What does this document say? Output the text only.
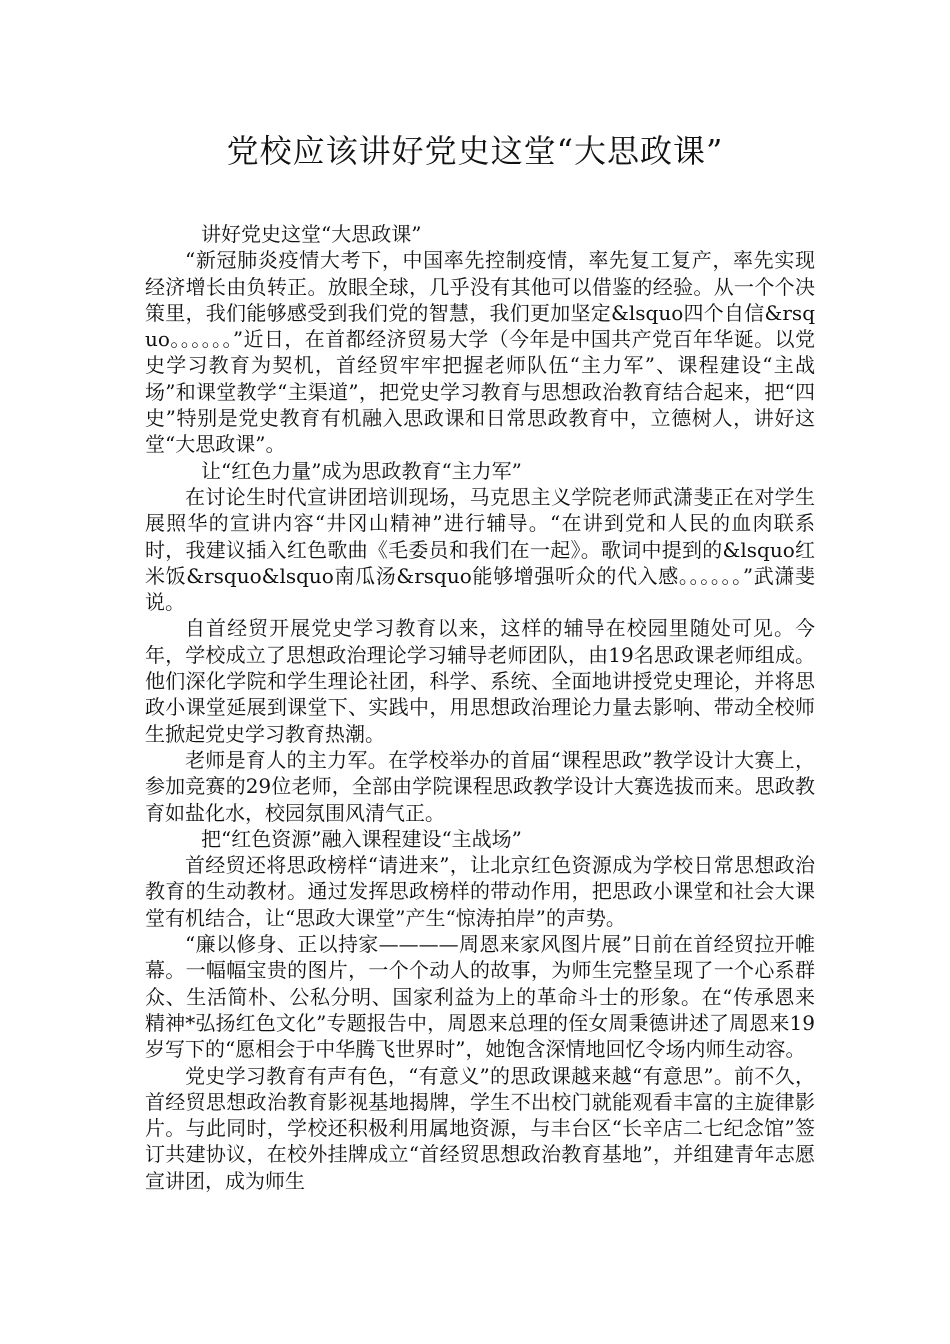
党校应该讲好党史这堂“大思政课”

讲好党史这堂“大思政课”

“新冠肺炎疫情大考下，中国率先控制疫情，率先复工复产，率先实现经济增长由负转正。放眼全球，几乎没有其他可以借鉴的经验。从一个个决策里，我们能够感受到我们党的智慧，我们更加坚定&lsquo四个自信&rsquo。。。。。。”近日，在首都经济贸易大学（今年是中国共产党百年华诞。以党史学习教育为契机，首经贸牢牢把握老师队伍“主力军”、课程建设“主战场”和课堂教学“主渠道”，把党史学习教育与思想政治教育结合起来，把“四史”特别是党史教育有机融入思政课和日常思政教育中，立德树人，讲好这堂“大思政课”。

让“红色力量”成为思政教育“主力军”

在讨论生时代宣讲团培训现场，马克思主义学院老师武潇斐正在对学生展照华的宣讲内容“井冈山精神”进行辅导。“在讲到党和人民的血肉联系时，我建议插入红色歌曲《毛委员和我们在一起》。歌词中提到的&lsquo红米饭&rsquo&lsquo南瓜汤&rsquo能够增强听众的代入感。。。。。。”武潇斐说。

自首经贸开展党史学习教育以来，这样的辅导在校园里随处可见。今年，学校成立了思想政治理论学习辅导老师团队，由19名思政课老师组成。他们深化学院和学生理论社团，科学、系统、全面地讲授党史理论，并将思政小课堂延展到课堂下、实践中，用思想政治理论力量去影响、带动全校师生掀起党史学习教育热潮。

老师是育人的主力军。在学校举办的首届“课程思政”教学设计大赛上，参加竞赛的29位老师，全部由学院课程思政教学设计大赛选拔而来。思政教育如盐化水，校园氛围风清气正。

把“红色资源”融入课程建设“主战场”

首经贸还将思政榜样“请进来”，让北京红色资源成为学校日常思想政治教育的生动教材。通过发挥思政榜样的带动作用，把思政小课堂和社会大课堂有机结合，让“思政大课堂”产生“惊涛拍岸”的声势。

“廉以修身、正以持家————周恩来家风图片展”日前在首经贸拉开帷幕。一幅幅宝贵的图片，一个个动人的故事，为师生完整呈现了一个心系群众、生活简朴、公私分明、国家利益为上的革命斗士的形象。在“传承恩来精神*弘扬红色文化”专题报告中，周恩来总理的侄女周秉德讲述了周恩来19岁写下的“愿相会于中华腾飞世界时”，她饱含深情地回忆令场内师生动容。

党史学习教育有声有色，“有意义”的思政课越来越“有意思”。前不久，首经贸思想政治教育影视基地揭牌，学生不出校门就能观看丰富的主旋律影片。与此同时，学校还积极利用属地资源，与丰台区“长辛店二七纪念馆”签订共建协议，在校外挂牌成立“首经贸思想政治教育基地”，并组建青年志愿宣讲团，成为师生
